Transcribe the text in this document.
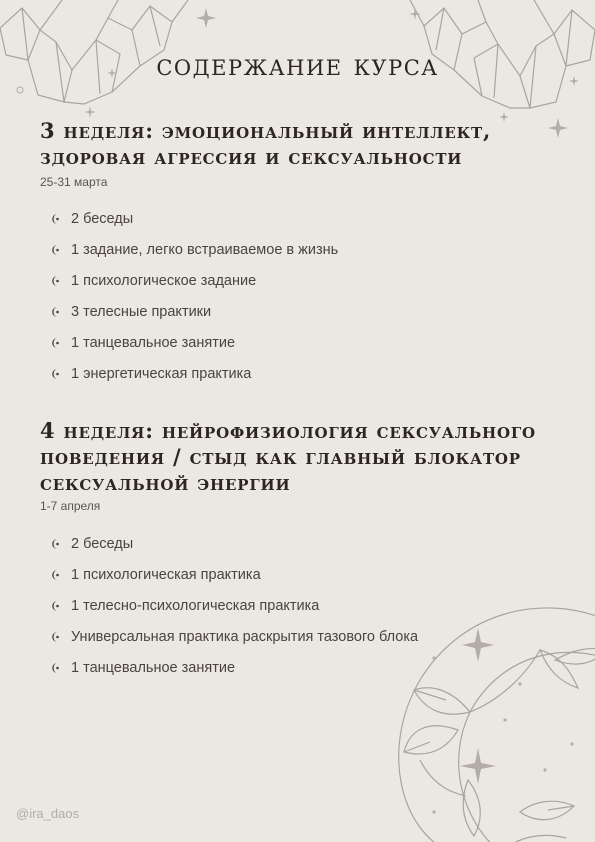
содержание курса
3 неделя: эмоциональный интеллект, здоровая агрессия и сексуальности
25-31 марта
2 беседы
1 задание, легко встраиваемое в жизнь
1 психологическое задание
3 телесные практики
1 танцевальное занятие
1 энергетическая практика
4 неделя: нейрофизиология сексуального поведения / стыд как главный блокатор сексуальной энергии
1-7 апреля
2 беседы
1 психологическая практика
1 телесно-психологическая практика
Универсальная практика раскрытия тазового блока
1 танцевальное занятие
@ira_daos
